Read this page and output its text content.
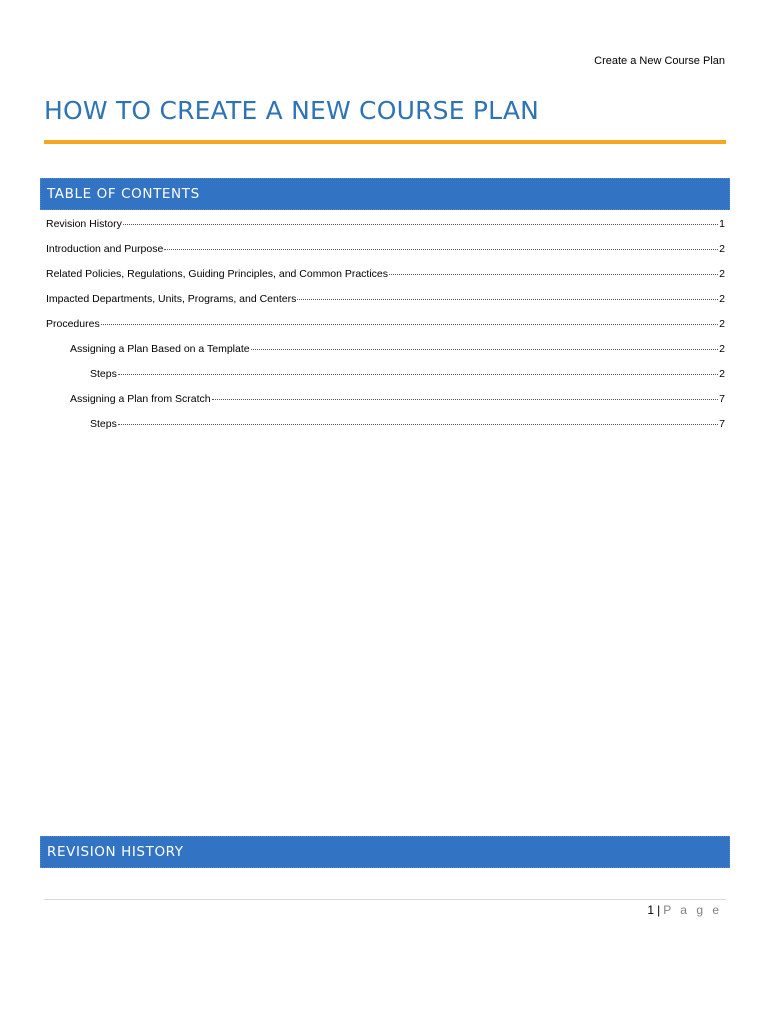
Create a New Course Plan
HOW TO CREATE A NEW COURSE PLAN
TABLE OF CONTENTS
Revision History	1
Introduction and Purpose	2
Related Policies, Regulations, Guiding Principles, and Common Practices	2
Impacted Departments, Units, Programs, and Centers	2
Procedures	2
Assigning a Plan Based on a Template	2
Steps	2
Assigning a Plan from Scratch	7
Steps	7
REVISION HISTORY
1 | P a g e
